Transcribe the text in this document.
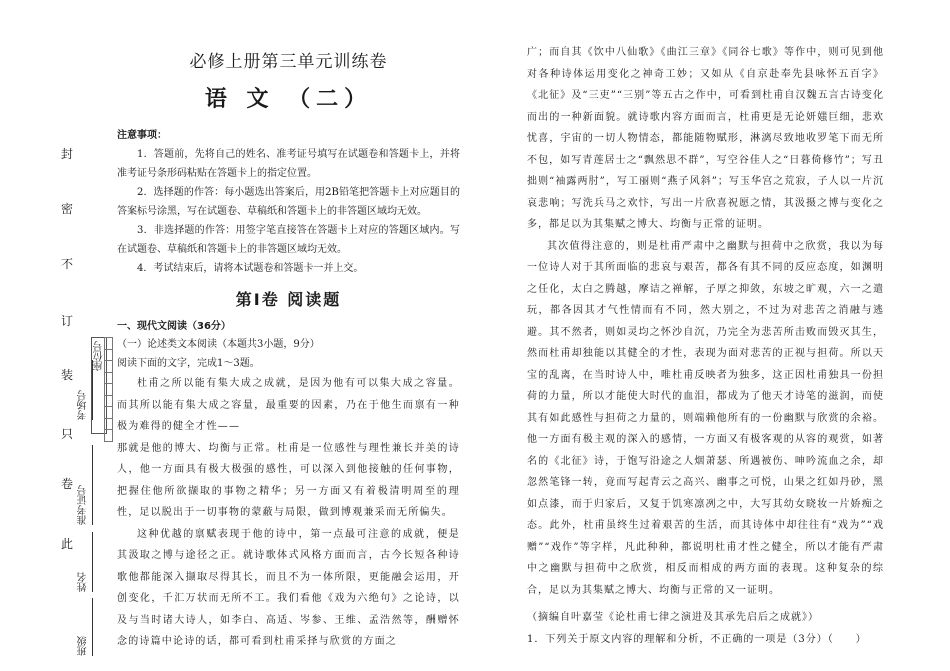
封
密
不
订
装
只
卷
此
座位号
考场号
准考证号
姓名
班级
必修上册第三单元训练卷
语 文 （二）
注意事项：

1．答题前，先将自己的姓名、准考证号填写在试题卷和答题卡上，并将准考证号条形码粘贴在答题卡上的指定位置。

2．选择题的作答：每小题选出答案后，用2B铅笔把答题卡上对应题目的答案标号涂黑，写在试题卷、草稿纸和答题卡上的非答题区域均无效。

3．非选择题的作答：用签字笔直接答在答题卡上对应的答题区域内。写在试题卷、草稿纸和答题卡上的非答题区域均无效。

4．考试结束后，请将本试题卷和答题卡一并上交。

第Ⅰ卷 阅读题
一、现代文阅读（36分）
（一）论述类文本阅读（本题共3小题，9分）
阅读下面的文字，完成1～3题。

杜甫之所以能有集大成之成就，是因为他有可以集大成之容量。而其所以能有集大成之容量，最重要的因素，乃在于他生而禀有一种极为难得的健全才性——

那就是他的博大、均衡与正常。杜甫是一位感性与理性兼长并美的诗人，他一方面具有极大极强的感性，可以深入到他接触的任何事物，把握住他所欲撷取的事物之精华；另一方面又有着极清明周至的理性，足以脱出于一切事物的蒙蔽与局限，做到博观兼采而无所偏失。

这种优越的禀赋表现于他的诗中，第一点最可注意的成就，便是其汲取之博与途径之正。就诗歌体式风格方面而言，古今长短各种诗歌他都能深入撷取尽得其长，而且不为一体所限，更能融会运用，开创变化，千汇万状而无所不工。我们看他《戏为六绝句》之论诗，以及与当时诸大诗人，如李白、高适、岑参、王维、孟浩然等，酬赠怀念的诗篇中论诗的话，都可看到杜甫采择与欣赏的方面之

广；而自其《饮中八仙歌》《曲江三章》《同谷七歌》等作中，则可见到他对各种诗体运用变化之神奇工妙；又如从《自京赴奉先县咏怀五百字》《北征》及“三吏”“三别”等五古之作中，可看到杜甫自汉魏五言古诗变化而出的一种新面貌。就诗歌内容方面而言，杜甫更是无论妍媸巨细，悲欢忧喜，宇宙的一切人物情态，都能随物赋形，淋漓尽致地收罗笔下而无所不包，如写青莲居士之“飘然思不群”，写空谷佳人之“日暮倚修竹”；写丑拙则“袖露两肘”，写工丽则“燕子风斜”；写玉华宫之荒寂，子人以一片沉哀悲响；写洗兵马之欢忭，写出一片欣喜祝愿之情，其汲摄之博与变化之多，都足以为其集赋之博大、均衡与正常的证明。

其次值得注意的，则是杜甫严肃中之幽默与担荷中之欣赏，我以为每一位诗人对于其所面临的悲哀与艰苦，都各有其不同的反应态度，如渊明之任化，太白之腾越，摩诘之禅解，子厚之抑敛，东坡之旷观，六一之遣玩，都各因其才气性情而有不同，然大别之，不过为对悲苦之消融与逃避。其不然者，则如灵均之怀沙自沉，乃完全为悲苦所击败而毁灭其生，然而杜甫却独能以其健全的才性，表现为面对悲苦的正视与担荷。所以天宝的乱离，在当时诗人中，唯杜甫反映者为独多，这正因杜甫独具一份担荷的力量，所以才能使大时代的血泪，都成为了他天才诗笔的滋润，而使其有如此感性与担荷之力量的，则端赖他所有的一份幽默与欣赏的余裕。他一方面有极主观的深入的感情，一方面又有极客观的从容的观赏，如著名的《北征》诗，于饱写沿途之人烟萧瑟、所遇被伤、呻吟流血之余，却忽然笔锋一转，竟而写起青云之高兴、幽事之可悦，山果之红如丹砂，黑如点漆，而于归家后，又复于饥寒凛冽之中，大写其幼女晓妆一片娇痴之态。此外，杜甫虽终生过着艰苦的生活，而其诗体中却往往有“戏为”“戏赠”“戏作”等字样，凡此种种，都说明杜甫才性之健全，所以才能有严肃中之幽默与担荷中之欣赏，相反而相成的两方面的表现。这种复杂的综合，足以为其集赋之博大、均衡与正常的又一证明。

（摘编自叶嘉莹《论杜甫七律之演进及其承先启后之成就》）

1．下列关于原文内容的理解和分析，不正确的一项是（3分）（　　）
